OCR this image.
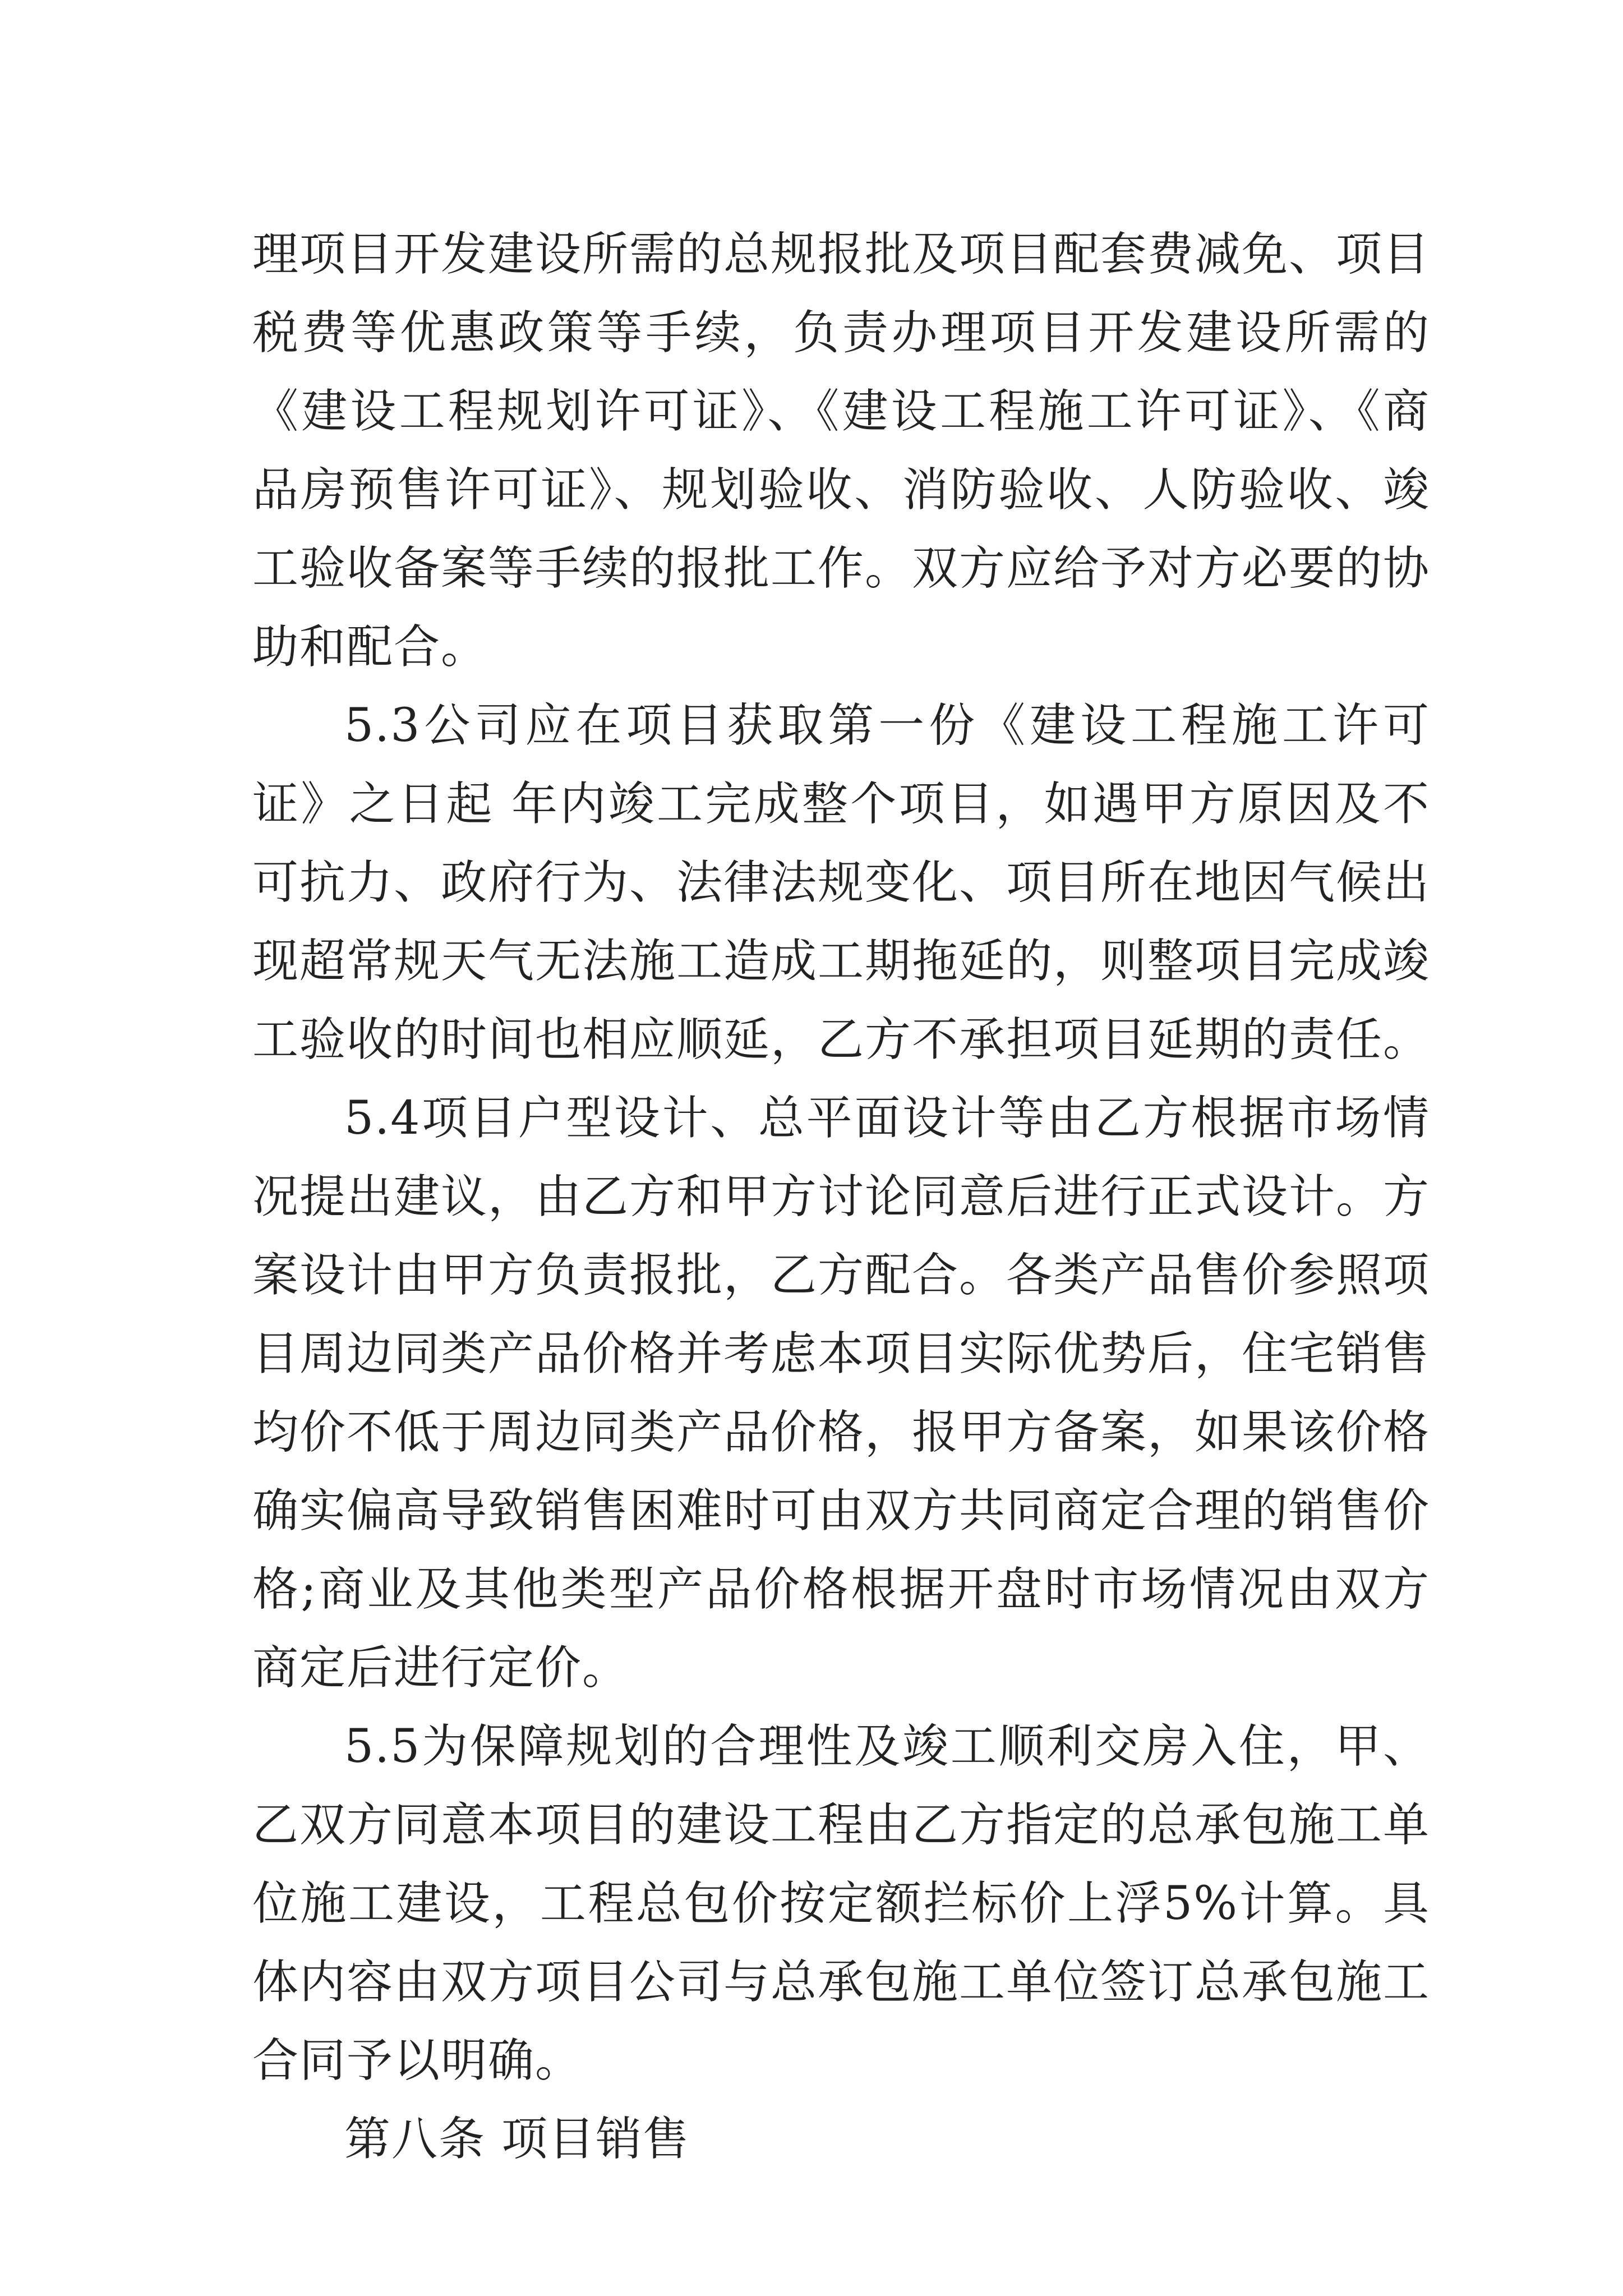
理项目开发建设所需的总规报批及项目配套费减免、项目税费等优惠政策等手续，负责办理项目开发建设所需的《建设工程规划许可证》、《建设工程施工许可证》、《商品房预售许可证》、规划验收、消防验收、人防验收、竣工验收备案等手续的报批工作。双方应给予对方必要的协助和配合。

5.3公司应在项目获取第一份《建设工程施工许可证》之日起 年内竣工完成整个项目，如遇甲方原因及不可抗力、政府行为、法律法规变化、项目所在地因气候出现超常规天气无法施工造成工期拖延的，则整项目完成竣工验收的时间也相应顺延，乙方不承担项目延期的责任。

5.4项目户型设计、总平面设计等由乙方根据市场情况提出建议，由乙方和甲方讨论同意后进行正式设计。方案设计由甲方负责报批，乙方配合。各类产品售价参照项目周边同类产品价格并考虑本项目实际优势后，住宅销售均价不低于周边同类产品价格，报甲方备案，如果该价格确实偏高导致销售困难时可由双方共同商定合理的销售价格;商业及其他类型产品价格根据开盘时市场情况由双方商定后进行定价。

5.5为保障规划的合理性及竣工顺利交房入住，甲、乙双方同意本项目的建设工程由乙方指定的总承包施工单位施工建设，工程总包价按定额拦标价上浮5%计算。具体内容由双方项目公司与总承包施工单位签订总承包施工合同予以明确。

第八条 项目销售
